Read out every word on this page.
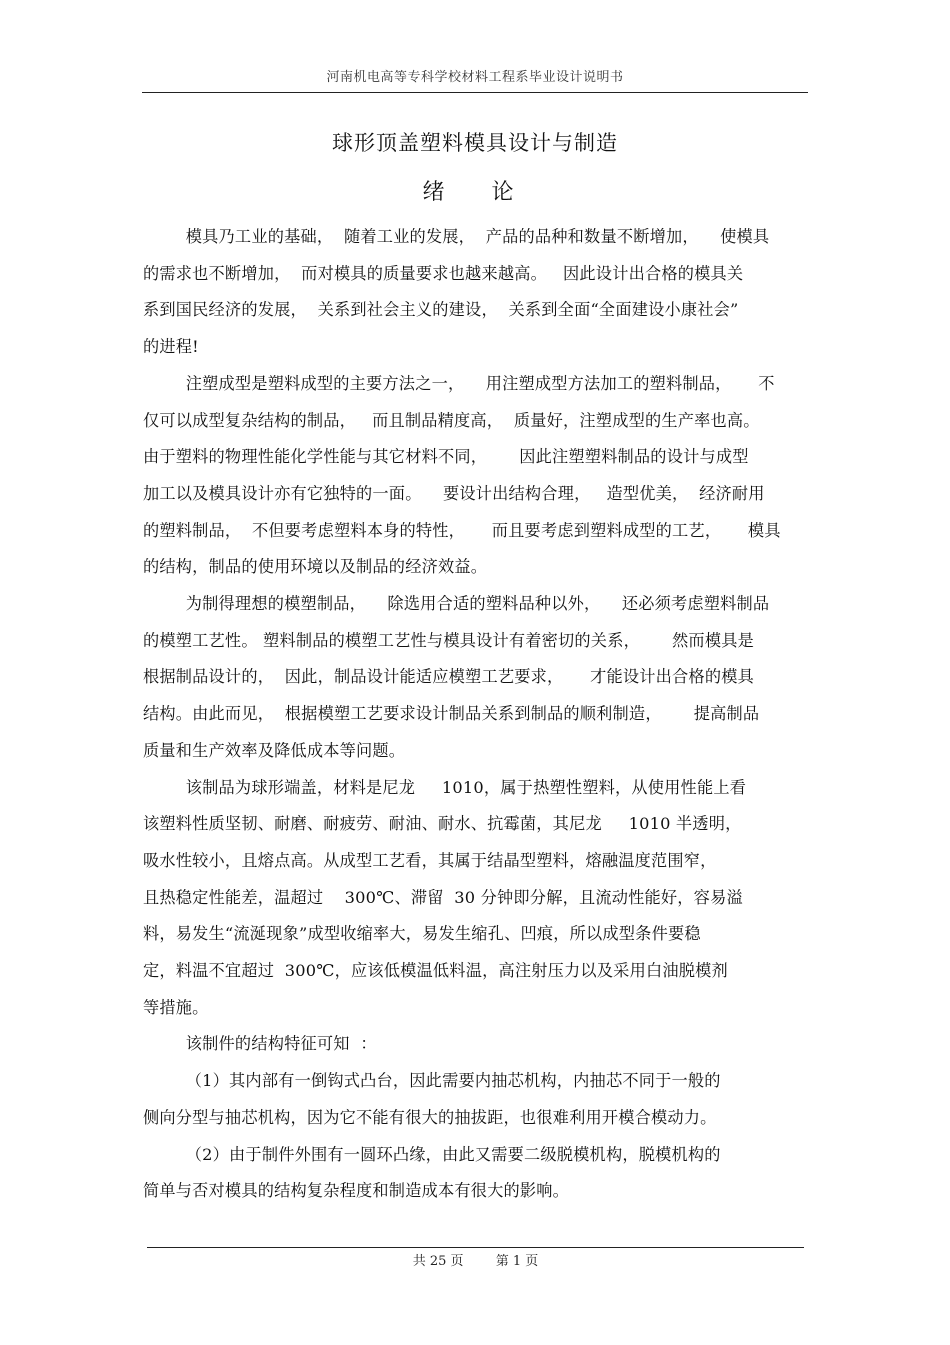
河南机电高等专科学校材料工程系毕业设计说明书
球形顶盖塑料模具设计与制造
绪 论

模具乃工业的基础，  随着工业的发展，  产品的品种和数量不断增加，    使模具
的需求也不断增加，  而对模具的质量要求也越来越高。   因此设计出合格的模具关
系到国民经济的发展，  关系到社会主义的建设，  关系到全面“全面建设小康社会”
的进程!

注塑成型是塑料成型的主要方法之一，    用注塑成型方法加工的塑料制品，     不
仅可以成型复杂结构的制品，   而且制品精度高，  质量好，注塑成型的生产率也高。
由于塑料的物理性能化学性能与其它材料不同，      因此注塑塑料制品的设计与成型
加工以及模具设计亦有它独特的一面。    要设计出结构合理，   造型优美，  经济耐用
的塑料制品，  不但要考虑塑料本身的特性，     而且要考虑到塑料成型的工艺，     模具
的结构，制品的使用环境以及制品的经济效益。

为制得理想的模塑制品，    除选用合适的塑料品种以外，    还必须考虑塑料制品
的模塑工艺性。 塑料制品的模塑工艺性与模具设计有着密切的关系，      然而模具是
根据制品设计的，  因此，制品设计能适应模塑工艺要求，     才能设计出合格的模具
结构。由此而见，  根据模塑工艺要求设计制品关系到制品的顺利制造，      提高制品
质量和生产效率及降低成本等问题。

该制品为球形端盖，材料是尼龙     1010，属于热塑性塑料，从使用性能上看
该塑料性质坚韧、耐磨、耐疲劳、耐油、耐水、抗霉菌，其尼龙     1010 半透明，
吸水性较小，且熔点高。从成型工艺看，其属于结晶型塑料，熔融温度范围窄，
且热稳定性能差，温超过    300℃、滞留  30 分钟即分解，且流动性能好，容易溢
料，易发生“流涎现象”成型收缩率大，易发生缩孔、凹痕，所以成型条件要稳
定，料温不宜超过  300℃，应该低模温低料温，高注射压力以及采用白油脱模剂
等措施。

该制件的结构特征可知  ：

（1）其内部有一倒钩式凸台，因此需要内抽芯机构，内抽芯不同于一般的
侧向分型与抽芯机构，因为它不能有很大的抽拔距，也很难利用开模合模动力。

（2）由于制件外围有一圆环凸缘，由此又需要二级脱模机构，脱模机构的
简单与否对模具的结构复杂程度和制造成本有很大的影响。

共 25 页 第 1 页
